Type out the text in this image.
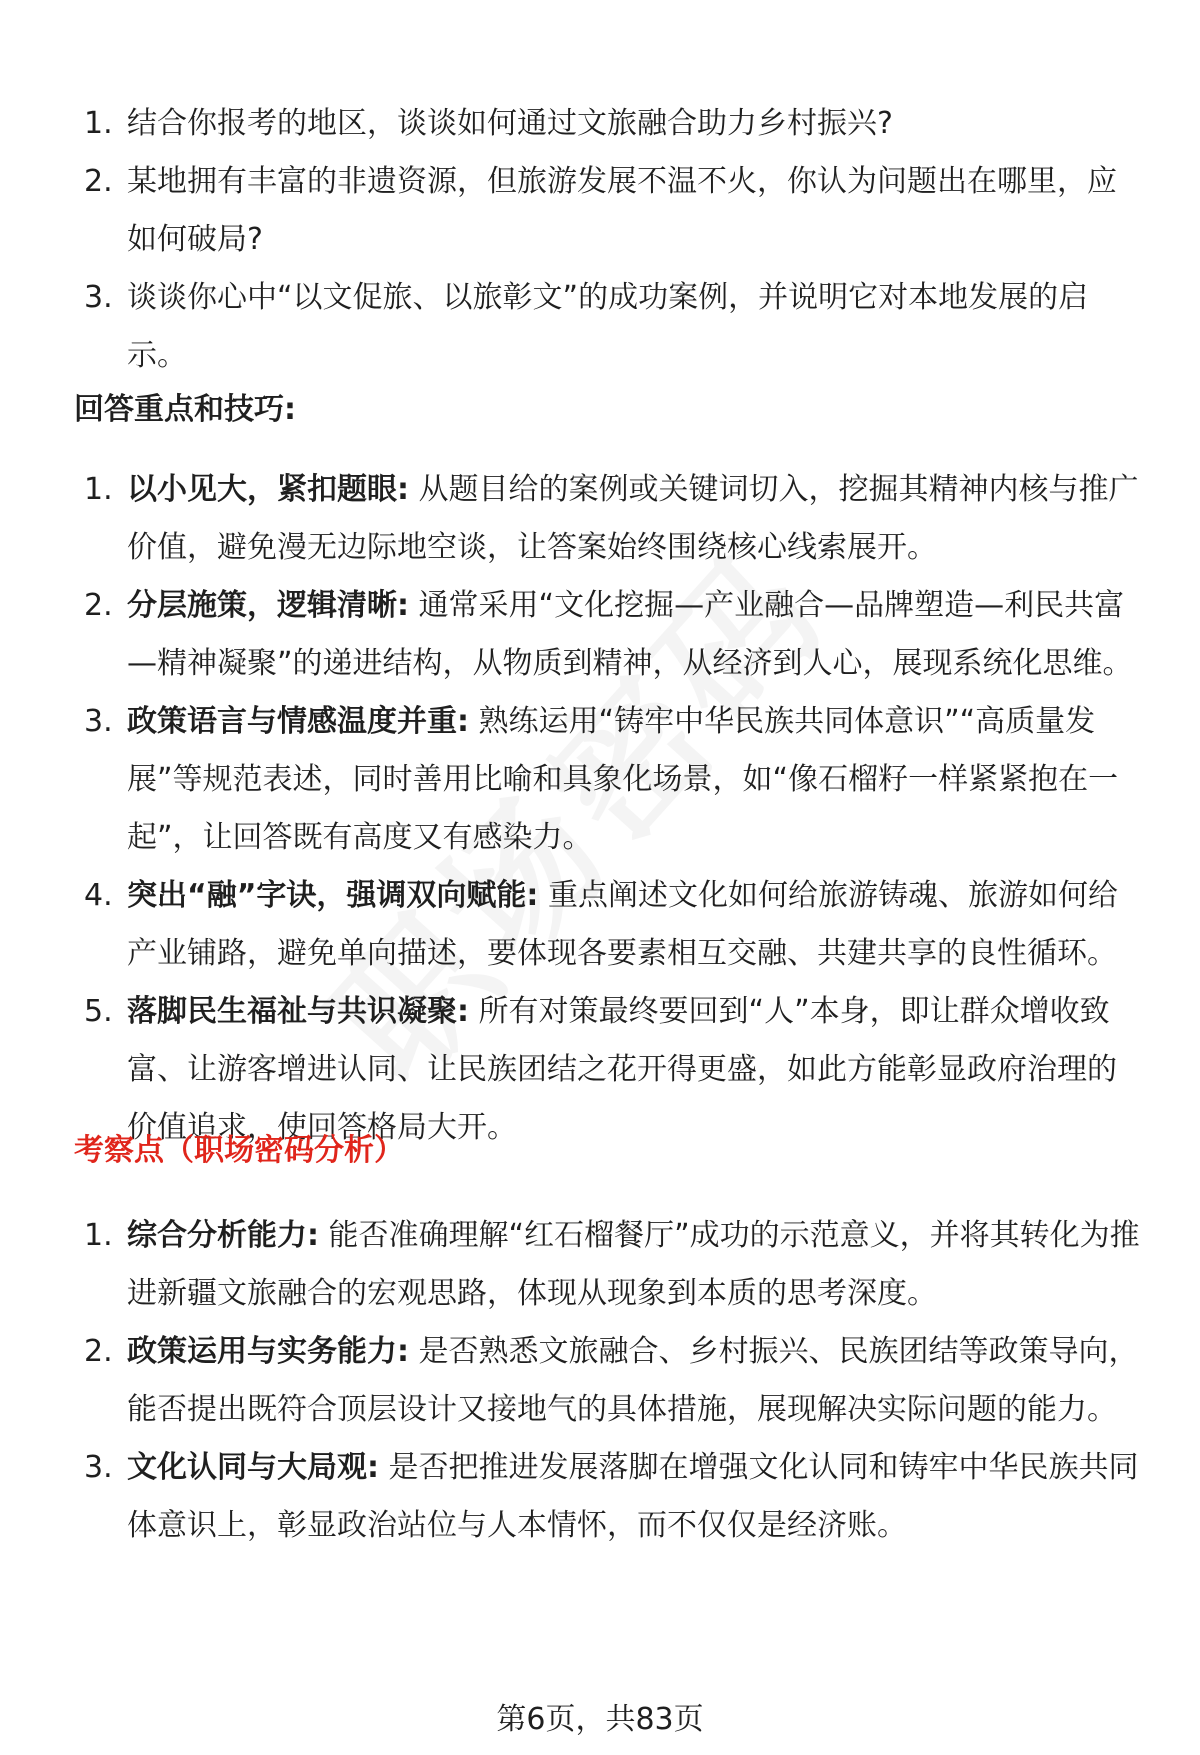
1. 结合你报考的地区，谈谈如何通过文旅融合助力乡村振兴?
2. 某地拥有丰富的非遗资源，但旅游发展不温不火，你认为问题出在哪里，应如何破局?
3. 谈谈你心中“以文促旅、以旅彰文”的成功案例，并说明它对本地发展的启示。
回答重点和技巧:
1. 以小见大，紧扣题眼: 从题目给的案例或关键词切入，挖掘其精神内核与推广价值，避免漫无边际地空谈，让答案始终围绕核心线索展开。
2. 分层施策，逻辑清晰: 通常采用“文化挖掘—产业融合—品牌塑造—利民共富—精神凝聚”的递进结构，从物质到精神，从经济到人心，展现系统化思维。
3. 政策语言与情感温度并重: 熟练运用“铸牢中华民族共同体意识”“高质量发展”等规范表述，同时善用比喻和具象化场景，如“像石榴籽一样紧紧抱在一起”，让回答既有高度又有感染力。
4. 突出“融”字诀，强调双向赋能: 重点阐述文化如何给旅游铸魂、旅游如何给产业铺路，避免单向描述，要体现各要素相互交融、共建共享的良性循环。
5. 落脚民生福祉与共识凝聚: 所有对策最终要回到“人”本身，即让群众增收致富、让游客增进认同、让民族团结之花开得更盛，如此方能彰显政府治理的价值追求，使回答格局大开。
考察点（职场密码分析）
1. 综合分析能力: 能否准确理解“红石榴餐厅”成功的示范意义，并将其转化为推进新疆文旅融合的宏观思路，体现从现象到本质的思考深度。
2. 政策运用与实务能力: 是否熟悉文旅融合、乡村振兴、民族团结等政策导向，能否提出既符合顶层设计又接地气的具体措施，展现解决实际问题的能力。
3. 文化认同与大局观: 是否把推进发展落脚在增强文化认同和铸牢中华民族共同体意识上，彰显政治站位与人本情怀，而不仅仅是经济账。
第6页，共83页
